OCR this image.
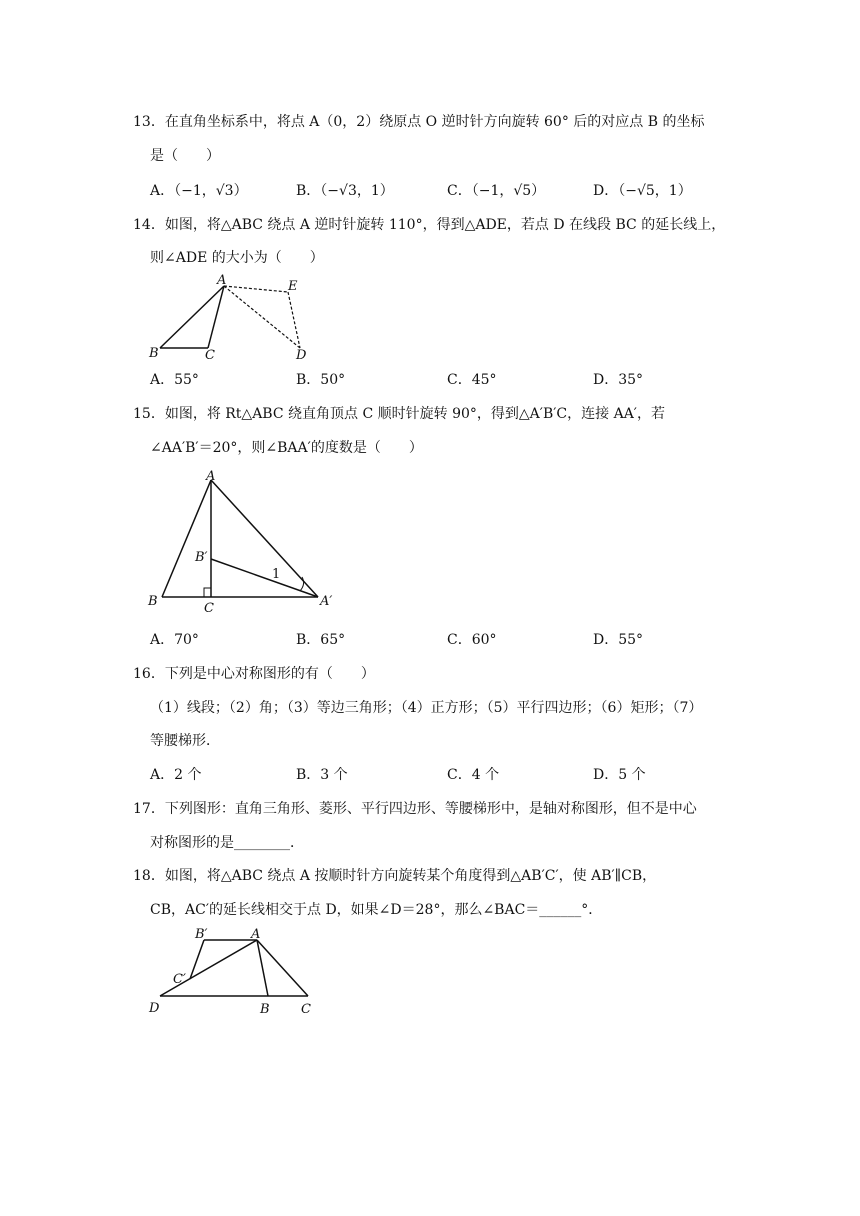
13．在直角坐标系中，将点 A（0，2）绕原点 O 逆时针方向旋转 60° 后的对应点 B 的坐标
是（　　）
A．（−1，√3）	B．（−√3，1）	C．（−1，√5）	D．（−√5，1）
14．如图，将△ABC 绕点 A 逆时针旋转 110°，得到△ADE，若点 D 在线段 BC 的延长线上，
则∠ADE 的大小为（　　）
A	E
B	C	D
A．55°	B．50°	C．45°	D．35°
15．如图，将 Rt△ABC 绕直角顶点 C 顺时针旋转 90°，得到△A′B′C，连接 AA′，若
∠AA′B′＝20°，则∠BAA′的度数是（　　）
A
B′
1
B	C	A′
A．70°	B．65°	C．60°	D．55°
16．下列是中心对称图形的有（　　）
（1）线段；（2）角；（3）等边三角形；（4）正方形；（5）平行四边形；（6）矩形；（7）
等腰梯形．
A．2 个	B．3 个	C．4 个	D．5 个
17．下列图形：直角三角形、菱形、平行四边形、等腰梯形中，是轴对称图形，但不是中心
对称图形的是________．
18．如图，将△ABC 绕点 A 按顺时针方向旋转某个角度得到△AB′C′，使 AB′∥CB，
CB，AC′的延长线相交于点 D，如果∠D＝28°，那么∠BAC＝______°．
B′	A
C′
D	B C
